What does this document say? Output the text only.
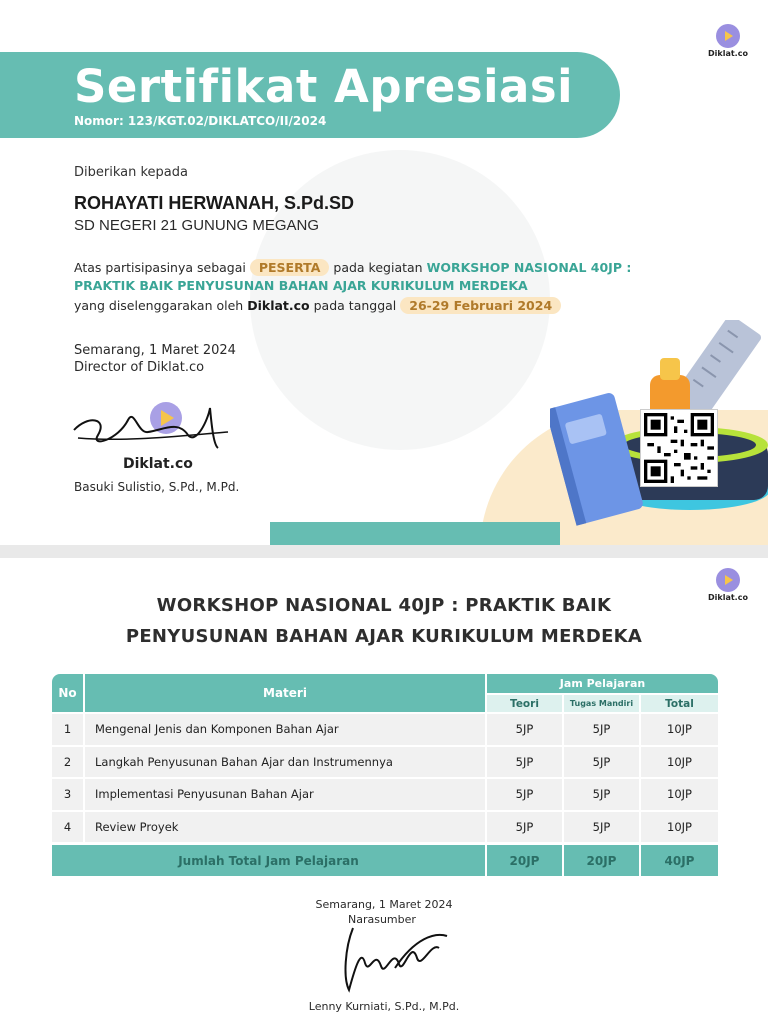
Sertifikat Apresiasi
Nomor: 123/KGT.02/DIKLATCO/II/2024
Diklat.co
Diberikan kepada
ROHAYATI HERWANAH, S.Pd.SD
SD NEGERI 21 GUNUNG MEGANG
Atas partisipasinya sebagai PESERTA pada kegiatan WORKSHOP NASIONAL 40JP :
PRAKTIK BAIK PENYUSUNAN BAHAN AJAR KURIKULUM MERDEKA
yang diselenggarakan oleh Diklat.co pada tanggal 26-29 Februari 2024
Semarang, 1 Maret 2024
Director of Diklat.co
Diklat.co
Basuki Sulistio, S.Pd., M.Pd.
Diklat.co
WORKSHOP NASIONAL 40JP : PRAKTIK BAIK
PENYUSUNAN BAHAN AJAR KURIKULUM MERDEKA
No	Materi
Jam Pelajaran
Teori	Tugas Mandiri	Total
1	Mengenal Jenis dan Komponen Bahan Ajar	5JP	5JP	10JP
2	Langkah Penyusunan Bahan Ajar dan Instrumennya	5JP	5JP	10JP
3	Implementasi Penyusunan Bahan Ajar	5JP	5JP	10JP
4	Review Proyek	5JP	5JP	10JP
Jumlah Total Jam Pelajaran	20JP	20JP	40JP
Semarang, 1 Maret 2024
Narasumber
Lenny Kurniati, S.Pd., M.Pd.
